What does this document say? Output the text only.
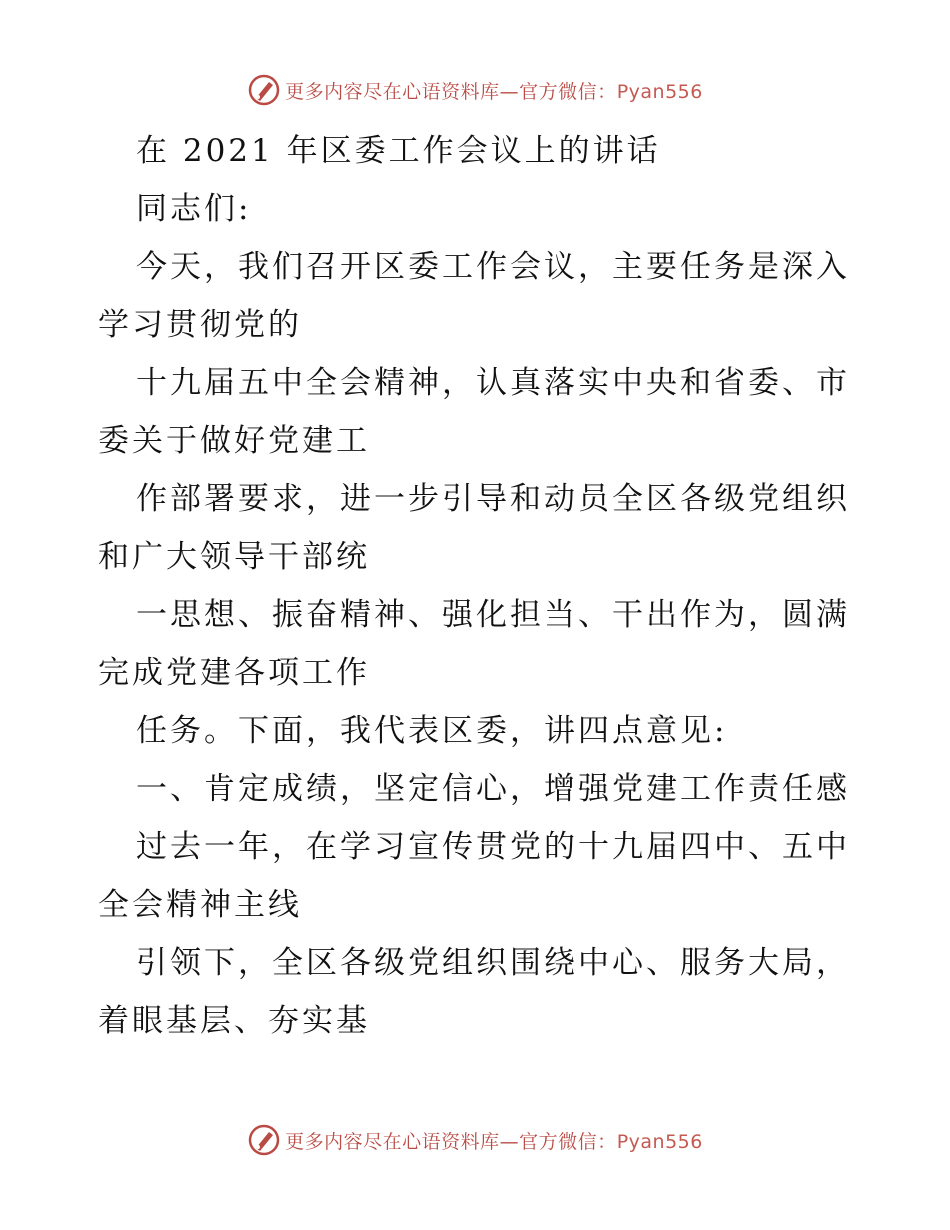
更多内容尽在心语资料库—官方微信：Pyan556
在 2021 年区委工作会议上的讲话
同志们:
今天，我们召开区委工作会议，主要任务是深入
学习贯彻党的
十九届五中全会精神，认真落实中央和省委、市
委关于做好党建工
作部署要求，进一步引导和动员全区各级党组织
和广大领导干部统
一思想、振奋精神、强化担当、干出作为，圆满
完成党建各项工作
任务。下面，我代表区委，讲四点意见:
一、肯定成绩，坚定信心，增强党建工作责任感
过去一年，在学习宣传贯党的十九届四中、五中
全会精神主线
引领下，全区各级党组织围绕中心、服务大局，
着眼基层、夯实基
更多内容尽在心语资料库—官方微信：Pyan556
